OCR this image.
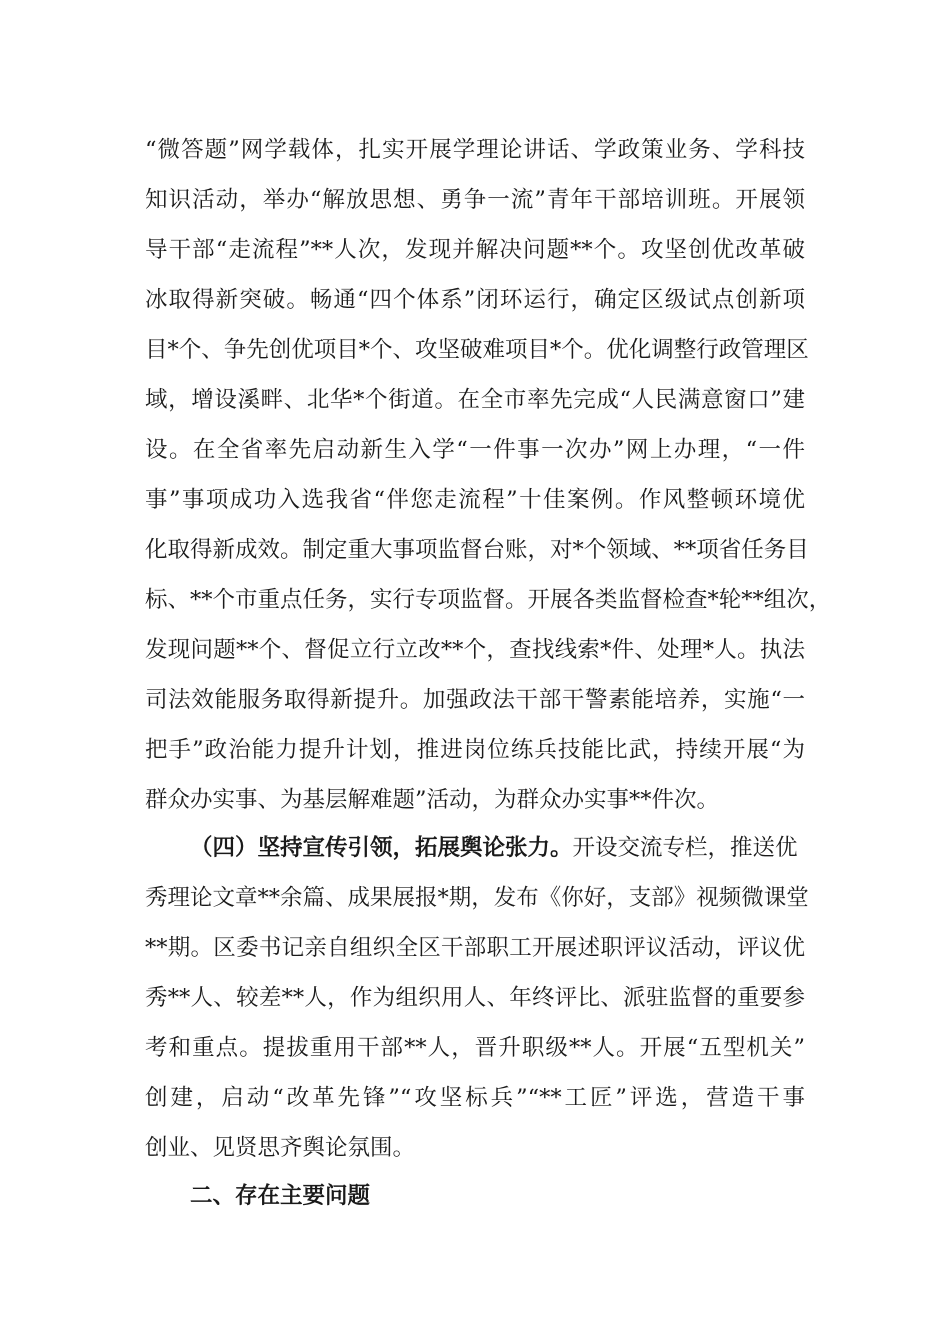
“微答题”网学载体，扎实开展学理论讲话、学政策业务、学科技
知识活动，举办“解放思想、勇争一流”青年干部培训班。开展领
导干部“走流程”**人次，发现并解决问题**个。攻坚创优改革破
冰取得新突破。畅通“四个体系”闭环运行，确定区级试点创新项
目*个、争先创优项目*个、攻坚破难项目*个。优化调整行政管理区
域，增设溪畔、北华*个街道。在全市率先完成“人民满意窗口”建
设。在全省率先启动新生入学“一件事一次办”网上办理，“一件
事”事项成功入选我省“伴您走流程”十佳案例。作风整顿环境优
化取得新成效。制定重大事项监督台账，对*个领域、**项省任务目
标、**个市重点任务，实行专项监督。开展各类监督检查*轮**组次，
发现问题**个、督促立行立改**个，查找线索*件、处理*人。执法
司法效能服务取得新提升。加强政法干部干警素能培养，实施“一
把手”政治能力提升计划，推进岗位练兵技能比武，持续开展“为
群众办实事、为基层解难题”活动，为群众办实事**件次。
（四）坚持宣传引领，拓展舆论张力。开设交流专栏，推送优
秀理论文章**余篇、成果展报*期，发布《你好，支部》视频微课堂
**期。区委书记亲自组织全区干部职工开展述职评议活动，评议优
秀**人、较差**人，作为组织用人、年终评比、派驻监督的重要参
考和重点。提拔重用干部**人，晋升职级**人。开展“五型机关”
创建，启动“改革先锋”“攻坚标兵”“**工匠”评选，营造干事
创业、见贤思齐舆论氛围。
二、存在主要问题
